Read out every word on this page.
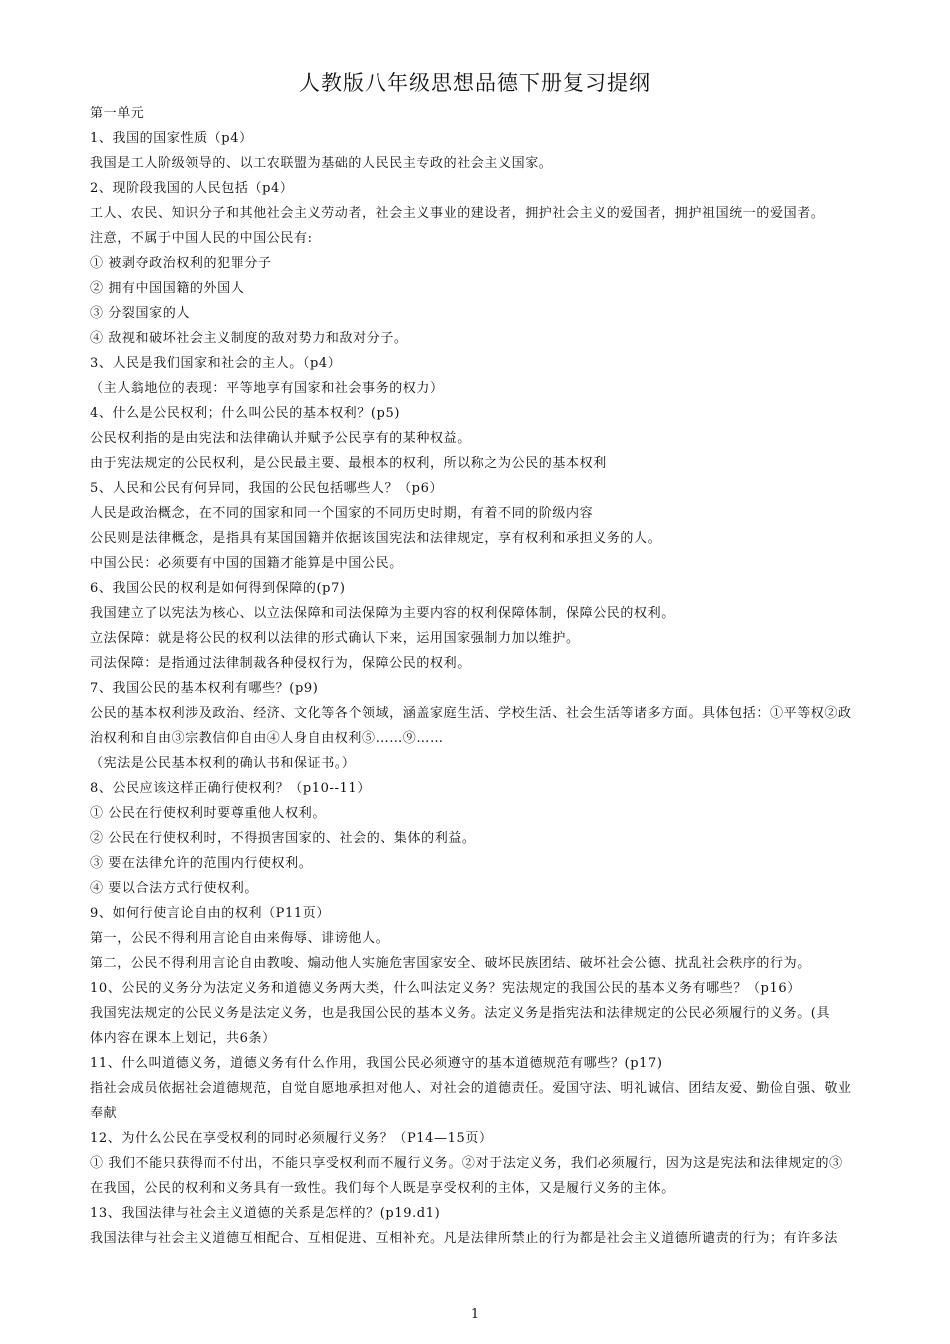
人教版八年级思想品德下册复习提纲
第一单元
1、我国的国家性质（p4）
我国是工人阶级领导的、以工农联盟为基础的人民民主专政的社会主义国家。
2、现阶段我国的人民包括（p4）
工人、农民、知识分子和其他社会主义劳动者，社会主义事业的建设者，拥护社会主义的爱国者，拥护祖国统一的爱国者。
注意，不属于中国人民的中国公民有:
① 被剥夺政治权利的犯罪分子
② 拥有中国国籍的外国人
③ 分裂国家的人
④ 敌视和破坏社会主义制度的敌对势力和敌对分子。
3、人民是我们国家和社会的主人。（p4）
（主人翁地位的表现：平等地享有国家和社会事务的权力）
4、什么是公民权利；什么叫公民的基本权利？(p5)
公民权利指的是由宪法和法律确认并赋予公民享有的某种权益。
由于宪法规定的公民权利，是公民最主要、最根本的权利，所以称之为公民的基本权利
5、人民和公民有何异同，我国的公民包括哪些人？（p6）
人民是政治概念，在不同的国家和同一个国家的不同历史时期，有着不同的阶级内容
公民则是法律概念，是指具有某国国籍并依据该国宪法和法律规定，享有权利和承担义务的人。
中国公民：必须要有中国的国籍才能算是中国公民。
6、我国公民的权利是如何得到保障的(p7)
我国建立了以宪法为核心、以立法保障和司法保障为主要内容的权利保障体制，保障公民的权利。
立法保障：就是将公民的权利以法律的形式确认下来，运用国家强制力加以维护。
司法保障：是指通过法律制裁各种侵权行为，保障公民的权利。
7、我国公民的基本权利有哪些？(p9)
公民的基本权利涉及政治、经济、文化等各个领域，涵盖家庭生活、学校生活、社会生活等诸多方面。具体包括：①平等权②政
治权利和自由③宗教信仰自由④人身自由权利⑤……⑨……
（宪法是公民基本权利的确认书和保证书。）
8、公民应该这样正确行使权利？（p10--11）
① 公民在行使权利时要尊重他人权利。
② 公民在行使权利时，不得损害国家的、社会的、集体的利益。
③ 要在法律允许的范围内行使权利。
④ 要以合法方式行使权利。
9、如何行使言论自由的权利（P11页）
第一，公民不得利用言论自由来侮辱、诽谤他人。
第二，公民不得利用言论自由教唆、煽动他人实施危害国家安全、破坏民族团结、破坏社会公德、扰乱社会秩序的行为。
10、公民的义务分为法定义务和道德义务两大类，什么叫法定义务？宪法规定的我国公民的基本义务有哪些？（p16）
我国宪法规定的公民义务是法定义务，也是我国公民的基本义务。法定义务是指宪法和法律规定的公民必须履行的义务。(具
体内容在课本上划记，共6条）
11、什么叫道德义务，道德义务有什么作用，我国公民必须遵守的基本道德规范有哪些？(p17)
指社会成员依据社会道德规范，自觉自愿地承担对他人、对社会的道德责任。爱国守法、明礼诚信、团结友爱、勤俭自强、敬业
奉献
12、为什么公民在享受权利的同时必须履行义务？（P14—15页）
① 我们不能只获得而不付出，不能只享受权利而不履行义务。②对于法定义务，我们必须履行，因为这是宪法和法律规定的③
在我国，公民的权利和义务具有一致性。我们每个人既是享受权利的主体，又是履行义务的主体。
13、我国法律与社会主义道德的关系是怎样的？(p19.d1)
我国法律与社会主义道德互相配合、互相促进、互相补充。凡是法律所禁止的行为都是社会主义道德所谴责的行为；有许多法
1
